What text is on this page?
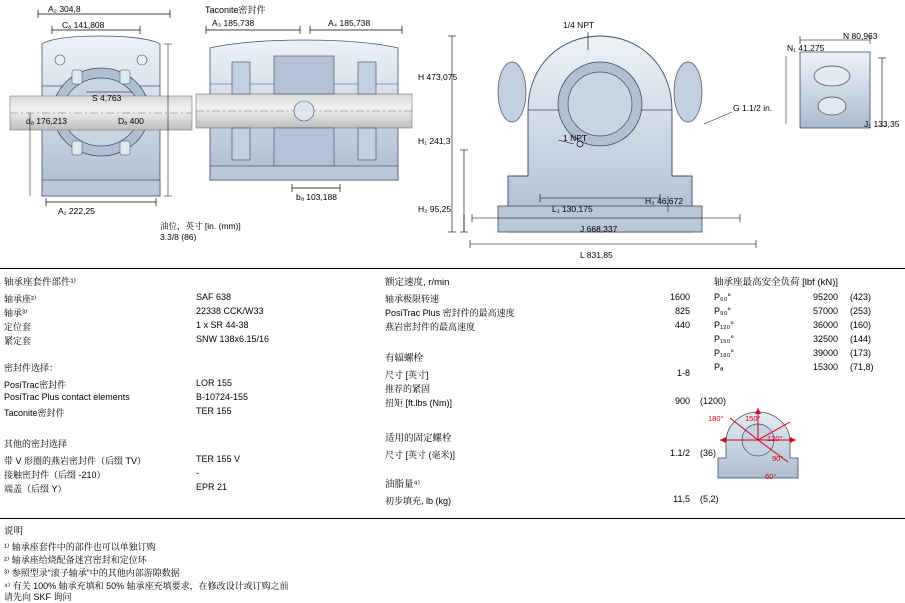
A₂ 304,8
Cₐ 141,808
S 4,763
dₐ 176,213	Dₐ 400
A₁ 222,25
Taconite密封件
A₃ 185,738	A₄ 185,738
bₐ 103,188
油位，英寸 [in. (mm)]
3.3/8 (86)
1/4 NPT
H 473,075
1 NPT
H₁ 241,3
H₂ 95,25
H₃ 46,672
L₁ 130,175
J 668,337
L 831,85
G 1.1/2 in.
N₁ 41,275
N 80,963
J₁ 133,35
轴承座套件部件¹⁾
轴承座²⁾	SAF 638
轴承³⁾	22338 CCK/W33
定位套	1 x SR 44-38
紧定套	SNW 138x6.15/16
密封件选择：
PosiTrac密封件	LOR 155
PosiTrac Plus contact elements	B-10724-155
Taconite密封件	TER 155
其他的密封选择
带 V 形圈的燕岩密封件（后缀 TV）	TER 155 V
接触密封件（后缀 -210）	-
端盖（后缀 Y）	EPR 21
额定速度, r/min
轴承极限转速	1600
PosiTrac Plus 密封件的最高速度	825
燕岩密封件的最高速度	440
有辐螺栓
尺寸 [英寸]	1-8
推荐的紧固
扭矩 [ft.lbs (Nm)]	900 (1200)
适用的固定螺栓
尺寸 [英寸 (毫米)]	1.1/2 (36)
油脂量⁴⁾
初步填充, lb (kg)	11,5 (5,2)
轴承座最高安全负荷 [lbf (kN)]
P₆₀°	95200 (423)
P₉₀°	57000 (253)
P₁₂₀°	36000 (160)
P₁₅₀°	32500 (144)
P₁₈₀°	39000 (173)
Pₐ	15300 (71,8)
180°	150°
120°
90°
60°
说明
¹⁾ 轴承座套件中的部件也可以单独订购
²⁾ 轴承座给烧配备迷宫密封和定位环
³⁾ 参照型录“滚子轴承”中的其他内部游隙数据
⁴⁾ 有关 100% 轴承充填和 50% 轴承座充填要求，在修改设计或订购之前
请先向 SKF 询问
